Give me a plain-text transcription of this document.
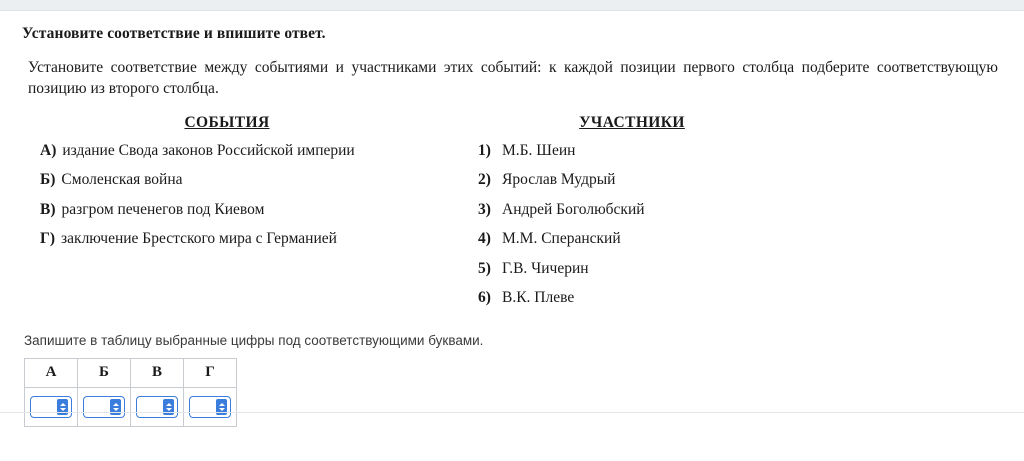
Установите соответствие и впишите ответ.
Установите соответствие между событиями и участниками этих событий: к каждой позиции первого столбца подберите соответствующую позицию из второго столбца.
СОБЫТИЯ
А) издание Свода законов Российской империи
Б) Смоленская война
В) разгром печенегов под Киевом
Г) заключение Брестского мира с Германией
УЧАСТНИКИ
1) М.Б. Шеин
2) Ярослав Мудрый
3) Андрей Боголюбский
4) М.М. Сперанский
5) Г.В. Чичерин
6) В.К. Плеве
Запишите в таблицу выбранные цифры под соответствующими буквами.
А	Б	В	Г
